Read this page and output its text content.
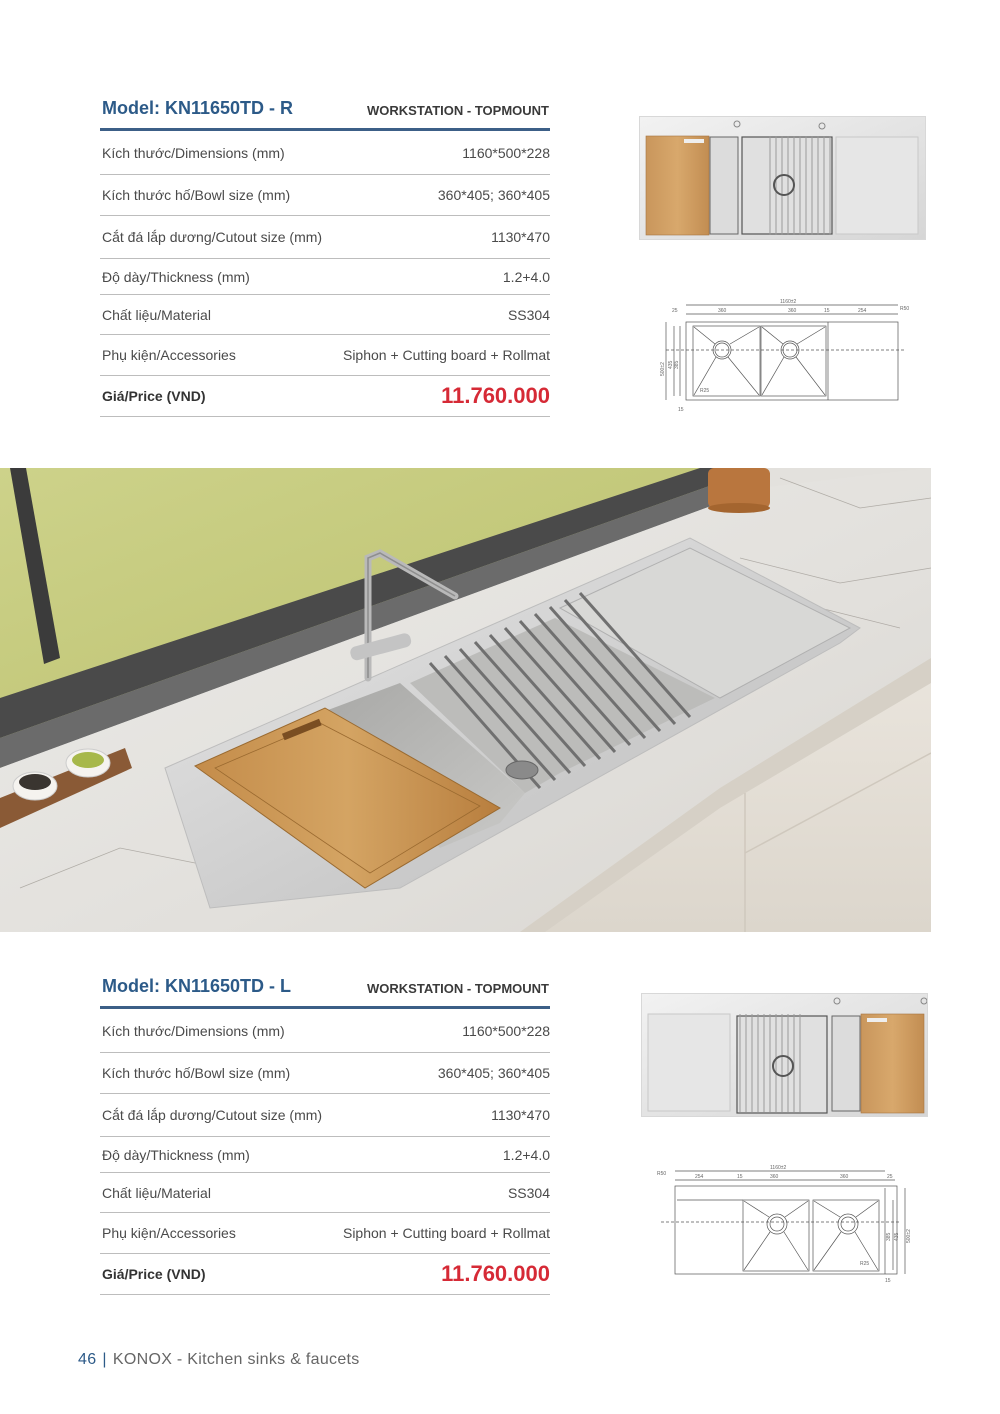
Model: KN11650TD - R	WORKSTATION - TOPMOUNT
Kích thước/Dimensions (mm)	1160*500*228
Kích thước hố/Bowl size (mm)	360*405; 360*405
Cắt đá lắp dương/Cutout size (mm)	1130*470
Độ dày/Thickness (mm)	1.2+4.0
Chất liệu/Material	SS304
Phụ kiện/Accessories	Siphon + Cutting board + Rollmat
Giá/Price (VND)	11.760.000
1160±2
25	360	360	15	254	R50
500±2 435 385
15
R25
Model: KN11650TD - L	WORKSTATION - TOPMOUNT
Kích thước/Dimensions (mm)	1160*500*228
Kích thước hố/Bowl size (mm)	360*405; 360*405
Cắt đá lắp dương/Cutout size (mm)	1130*470
Độ dày/Thickness (mm)	1.2+4.0
Chất liệu/Material	SS304
Phụ kiện/Accessories	Siphon + Cutting board + Rollmat
Giá/Price (VND)	11.760.000
1160±2
254	15	360	360	25
R50
500±2
435
385
15
R25
46 | KONOX - Kitchen sinks & faucets
